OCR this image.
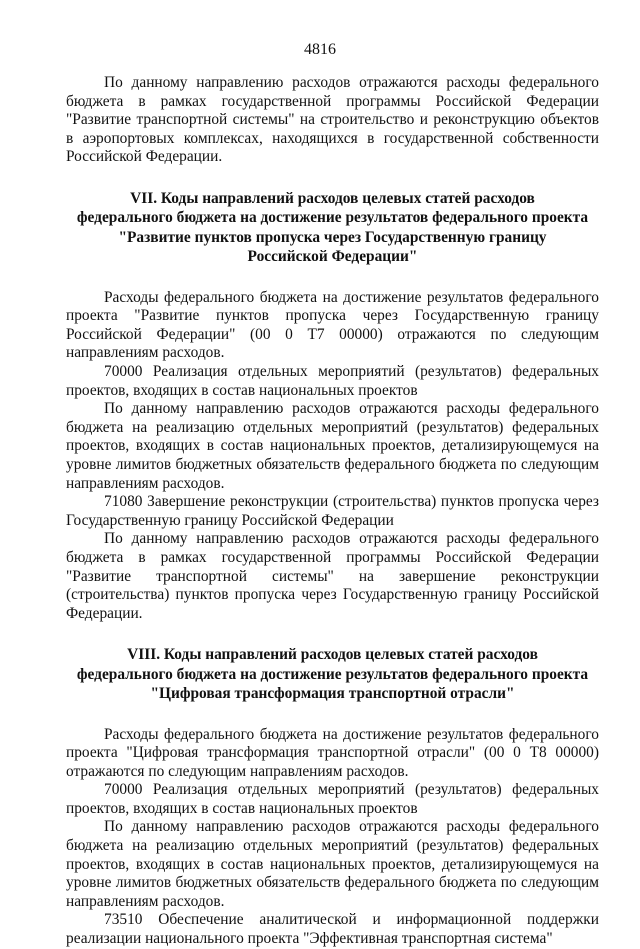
4816

По данному направлению расходов отражаются расходы федерального бюджета в рамках государственной программы Российской Федерации "Развитие транспортной системы" на строительство и реконструкцию объектов в аэропортовых комплексах, находящихся в государственной собственности Российской Федерации.

VII. Коды направлений расходов целевых статей расходов
федерального бюджета на достижение результатов федерального проекта
"Развитие пунктов пропуска через Государственную границу
Российской Федерации"

Расходы федерального бюджета на достижение результатов федерального проекта "Развитие пунктов пропуска через Государственную границу Российской Федерации" (00 0 Т7 00000) отражаются по следующим направлениям расходов.

70000 Реализация отдельных мероприятий (результатов) федеральных проектов, входящих в состав национальных проектов

По данному направлению расходов отражаются расходы федерального бюджета на реализацию отдельных мероприятий (результатов) федеральных проектов, входящих в состав национальных проектов, детализирующемуся на уровне лимитов бюджетных обязательств федерального бюджета по следующим направлениям расходов.

71080 Завершение реконструкции (строительства) пунктов пропуска через Государственную границу Российской Федерации

По данному направлению расходов отражаются расходы федерального бюджета в рамках государственной программы Российской Федерации "Развитие транспортной системы" на завершение реконструкции (строительства) пунктов пропуска через Государственную границу Российской Федерации.

VIII. Коды направлений расходов целевых статей расходов
федерального бюджета на достижение результатов федерального проекта
"Цифровая трансформация транспортной отрасли"

Расходы федерального бюджета на достижение результатов федерального проекта "Цифровая трансформация транспортной отрасли" (00 0 Т8 00000) отражаются по следующим направлениям расходов.

70000 Реализация отдельных мероприятий (результатов) федеральных проектов, входящих в состав национальных проектов

По данному направлению расходов отражаются расходы федерального бюджета на реализацию отдельных мероприятий (результатов) федеральных проектов, входящих в состав национальных проектов, детализирующемуся на уровне лимитов бюджетных обязательств федерального бюджета по следующим направлениям расходов.

73510 Обеспечение аналитической и информационной поддержки реализации национального проекта "Эффективная транспортная система"
